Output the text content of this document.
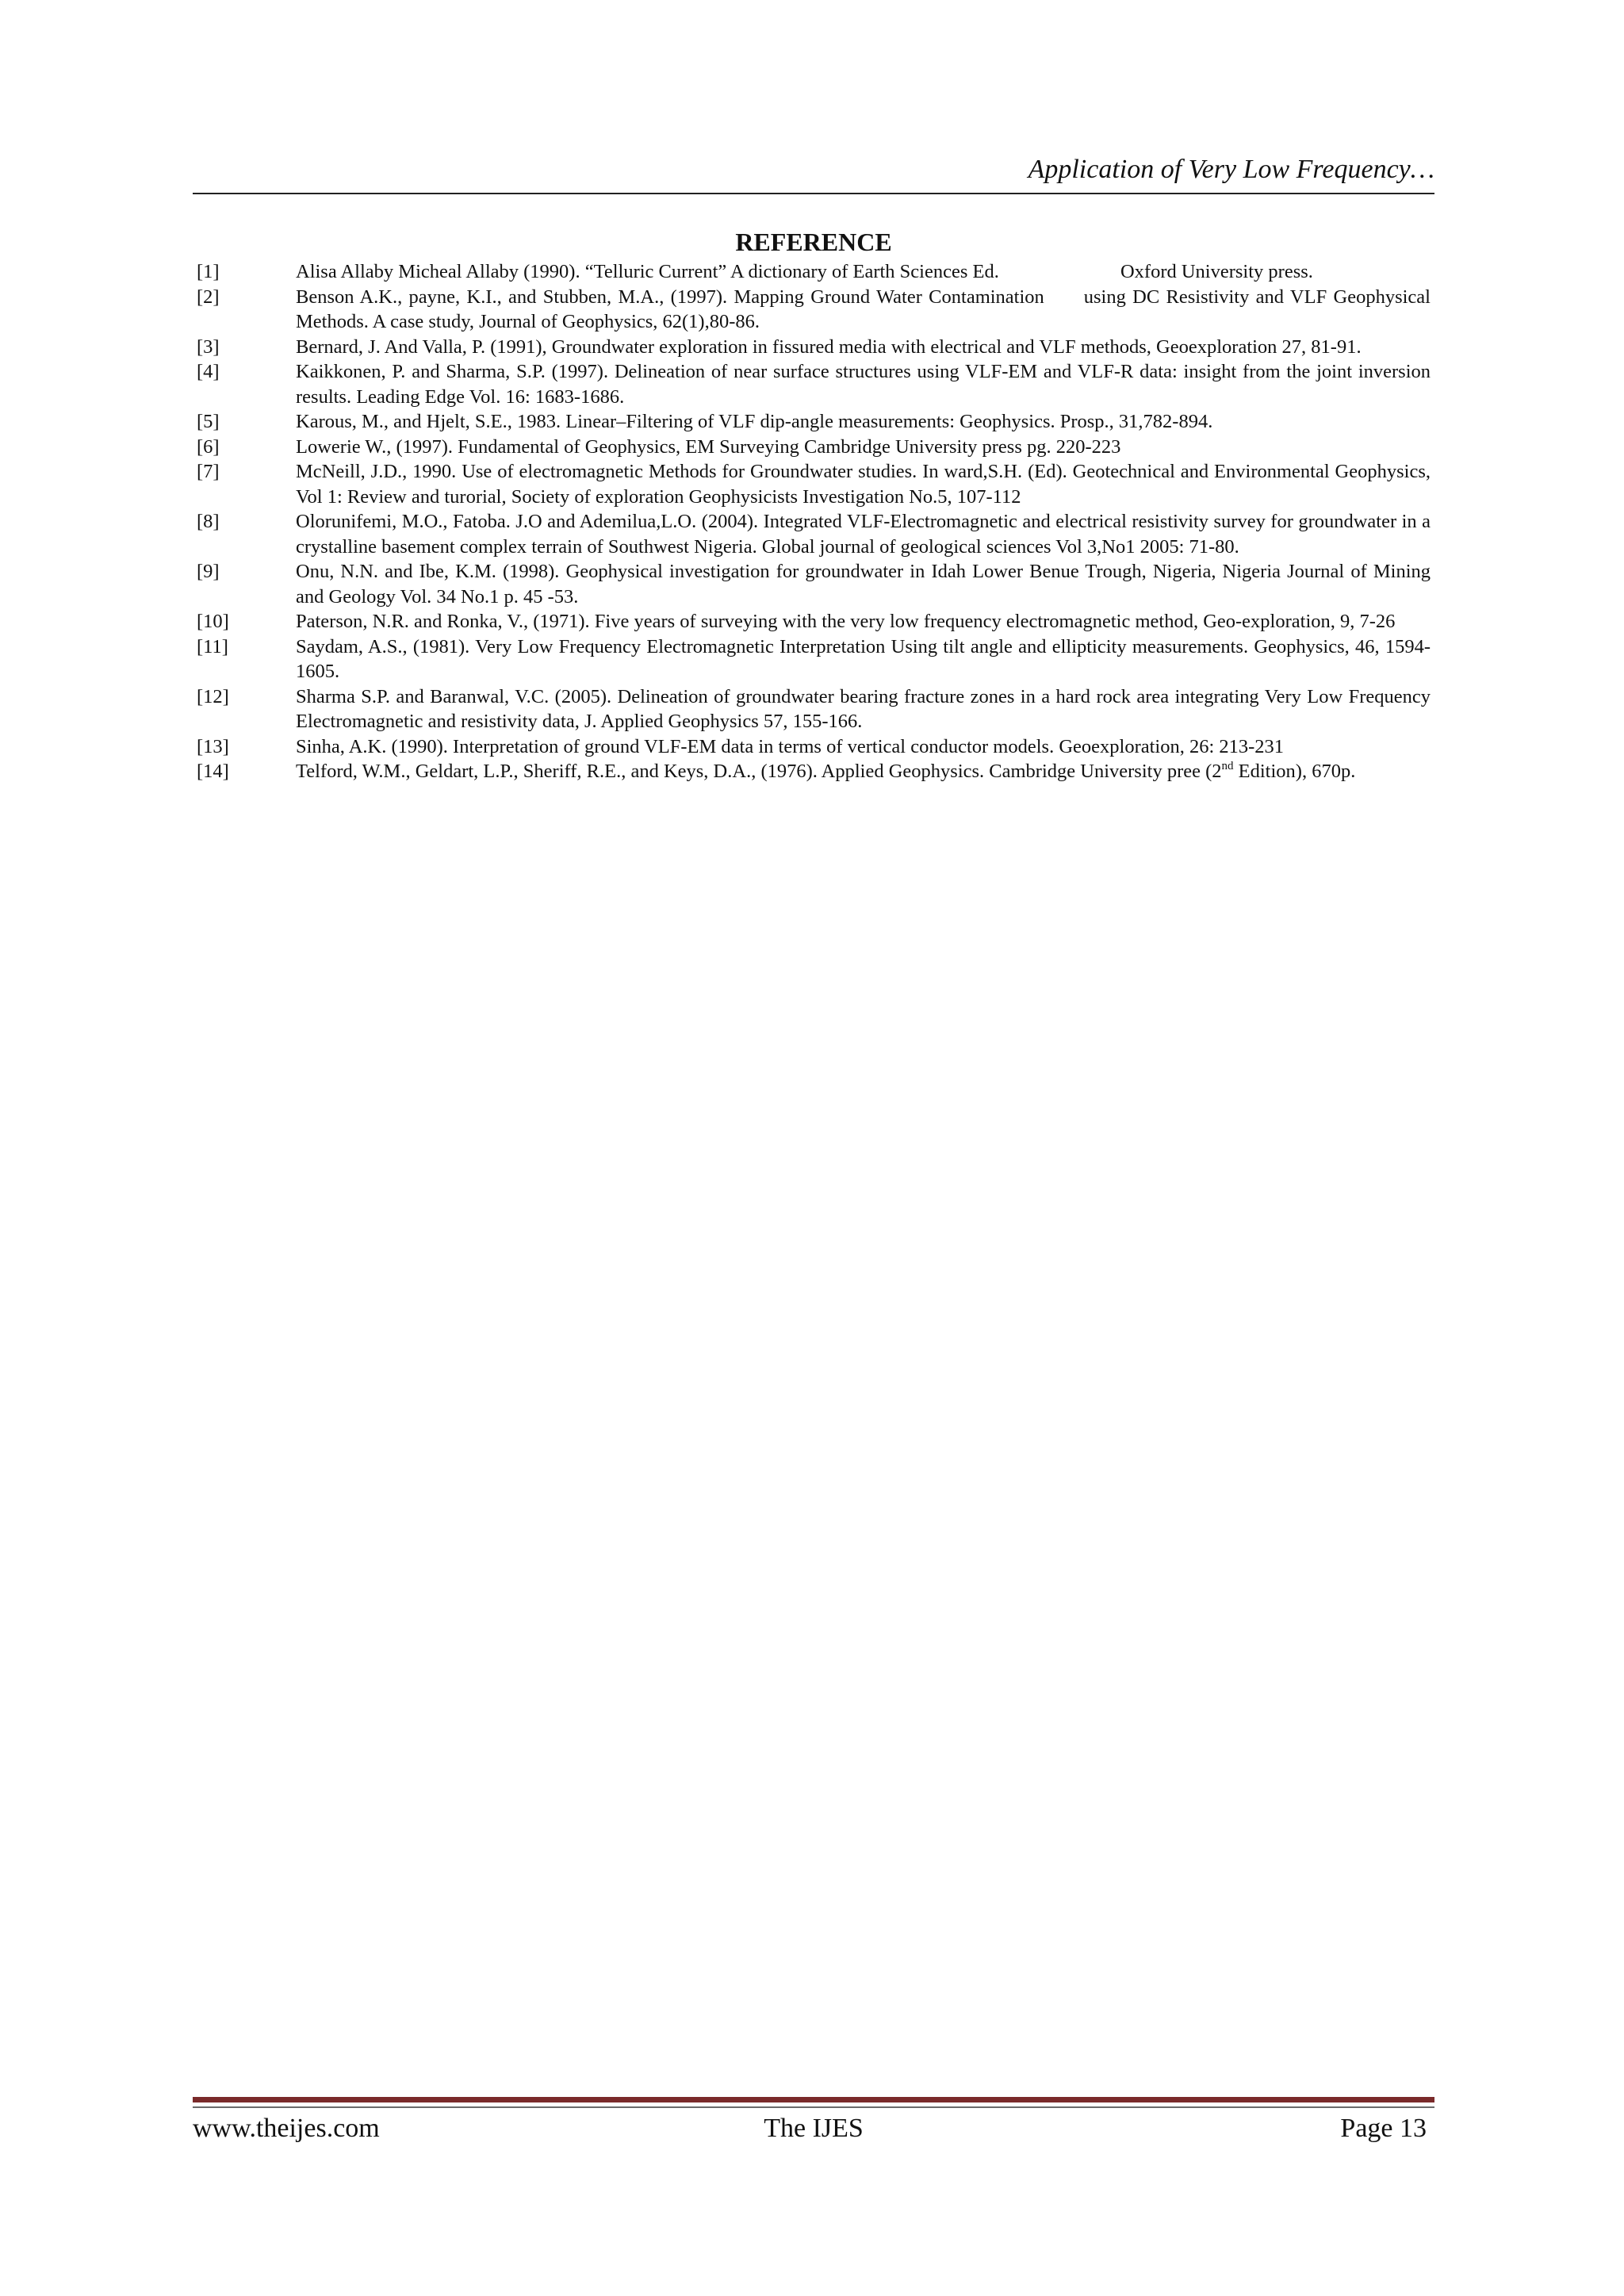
Application of Very Low Frequency…
REFERENCE
[1]	Alisa Allaby Micheal Allaby (1990). “Telluric Current” A dictionary of Earth Sciences Ed.                         Oxford University press.
[2]	Benson A.K., payne, K.I., and Stubben, M.A., (1997). Mapping Ground Water Contamination      using DC Resistivity and VLF Geophysical Methods. A case study, Journal of Geophysics, 62(1),80-86.
[3]	Bernard, J. And Valla, P. (1991), Groundwater exploration in fissured media with electrical and VLF methods, Geoexploration 27, 81-91.
[4]	Kaikkonen, P. and Sharma, S.P. (1997). Delineation of near surface structures using VLF-EM and VLF-R data: insight from the joint inversion results. Leading Edge Vol. 16: 1683-1686.
[5]	Karous, M., and Hjelt, S.E., 1983. Linear–Filtering of VLF dip-angle measurements: Geophysics. Prosp., 31,782-894.
[6]	Lowerie W., (1997). Fundamental of Geophysics, EM Surveying Cambridge University press pg. 220-223
[7]	McNeill, J.D., 1990. Use of electromagnetic Methods for Groundwater studies. In ward,S.H. (Ed). Geotechnical and Environmental Geophysics, Vol 1: Review and turorial, Society of exploration Geophysicists Investigation No.5, 107-112
[8]	Olorunifemi, M.O., Fatoba. J.O and Ademilua,L.O. (2004). Integrated VLF-Electromagnetic and electrical resistivity survey for groundwater in a crystalline basement complex terrain of Southwest Nigeria. Global journal of geological sciences Vol 3,No1 2005: 71-80.
[9]	Onu, N.N. and Ibe, K.M. (1998). Geophysical investigation for groundwater in Idah Lower Benue Trough, Nigeria, Nigeria Journal of Mining and Geology Vol. 34 No.1 p. 45 -53.
[10]	Paterson, N.R. and Ronka, V., (1971). Five years of surveying with the very low frequency electromagnetic method, Geo-exploration, 9, 7-26
[11]	Saydam, A.S., (1981). Very Low Frequency Electromagnetic Interpretation Using tilt angle and ellipticity measurements. Geophysics, 46, 1594-1605.
[12]	Sharma S.P. and Baranwal, V.C. (2005). Delineation of groundwater bearing fracture zones in a hard rock area integrating Very Low Frequency Electromagnetic and resistivity data, J. Applied Geophysics 57, 155-166.
[13]	Sinha, A.K. (1990). Interpretation of ground VLF-EM data in terms of vertical conductor models. Geoexploration, 26: 213-231
[14]	Telford, W.M., Geldart, L.P., Sheriff, R.E., and Keys, D.A., (1976). Applied Geophysics. Cambridge University pree (2nd Edition), 670p.
www.theijes.com	The IJES	Page 13
